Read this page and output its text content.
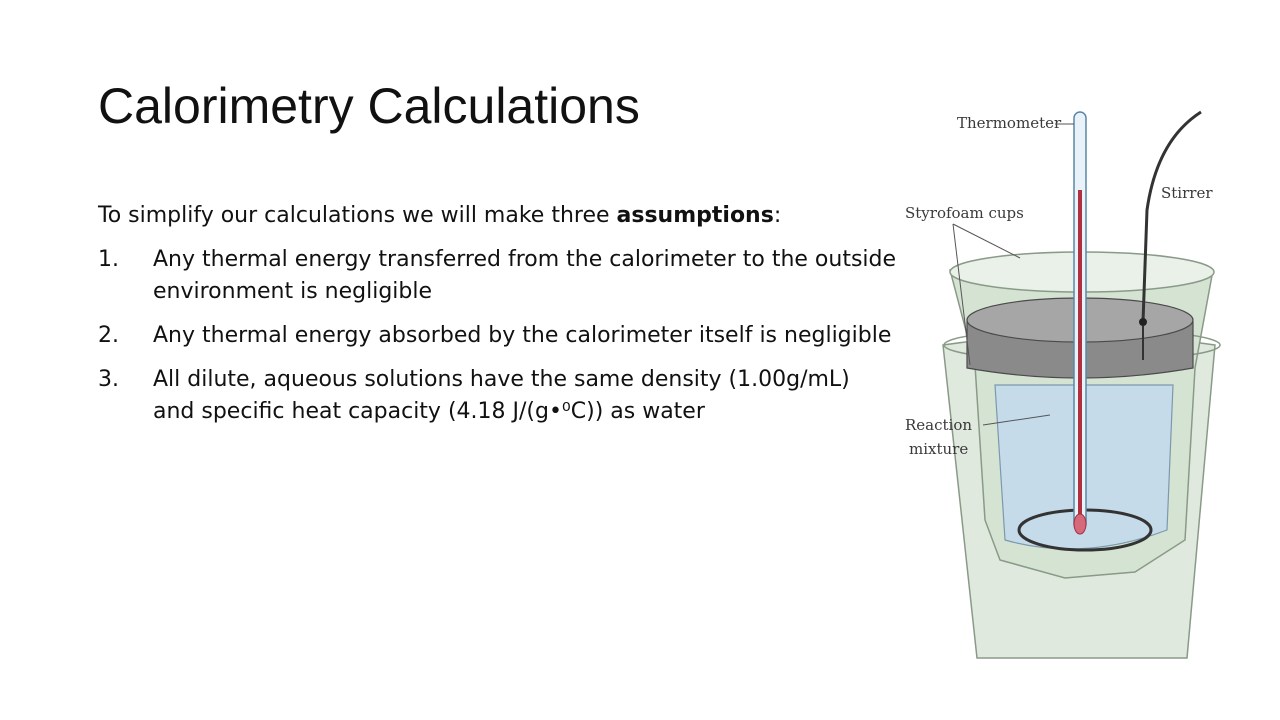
Calorimetry Calculations

To simplify our calculations we will make three assumptions:

1. Any thermal energy transferred from the calorimeter to the outside environment is negligible
2. Any thermal energy absorbed by the calorimeter itself is negligible
3. All dilute, aqueous solutions have the same density (1.00g/mL) and specific heat capacity (4.18 J/(g•⁰C)) as water
Thermometer
Stirrer
Styrofoam cups
Reaction
mixture
